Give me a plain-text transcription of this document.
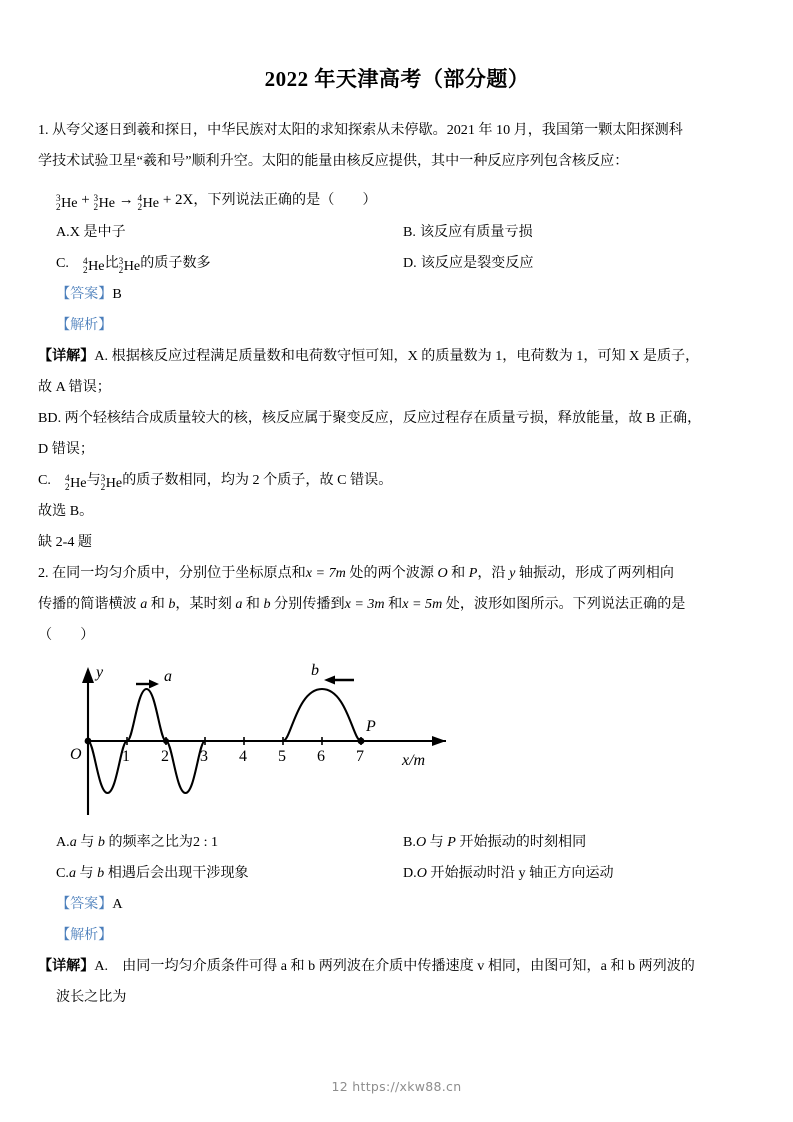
2022 年天津高考（部分题）

1. 从夸父逐日到羲和探日，中华民族对太阳的求知探索从未停歇。2021 年 10 月，我国第一颗太阳探测科

学技术试验卫星“羲和号”顺利升空。太阳的能量由核反应提供，其中一种反应序列包含核反应：

3
2 He + 3
2 He → 4
2 He + 2X，下列说法正确的是（　　）
A.X 是中子	B. 该反应有质量亏损
C.　 4
2 He比 3
2 He的质子数多	D. 该反应是裂变反应

【答案】B

【解析】

【详解】A. 根据核反应过程满足质量数和电荷数守恒可知，X 的质量数为 1，电荷数为 1，可知 X 是质子，

故 A 错误；

BD. 两个轻核结合成质量较大的核，核反应属于聚变反应，反应过程存在质量亏损，释放能量，故 B 正确，

D 错误；

C.　 4
2 He与 3
2 He的质子数相同，均为 2 个质子，故 C 错误。

故选 B。

缺 2-4 题

2. 在同一均匀介质中，分别位于坐标原点和x = 7m 处的两个波源 O 和 P，沿 y 轴振动，形成了两列相向

传播的简谐横波 a 和 b，某时刻 a 和 b 分别传播到x = 3m 和x = 5m 处，波形如图所示。下列说法正确的是

（　　）

y
O	x/m
a	b
P
1 2 3 4 5 6 7
A.a 与 b 的频率之比为2 : 1	B.O 与 P 开始振动的时刻相同
C.a 与 b 相遇后会出现干涉现象	D.O 开始振动时沿 y 轴正方向运动

【答案】A

【解析】

【详解】A.　由同一均匀介质条件可得 a 和 b 两列波在介质中传播速度 v 相同，由图可知，a 和 b 两列波的

波长之比为

12 https://xkw88.cn
